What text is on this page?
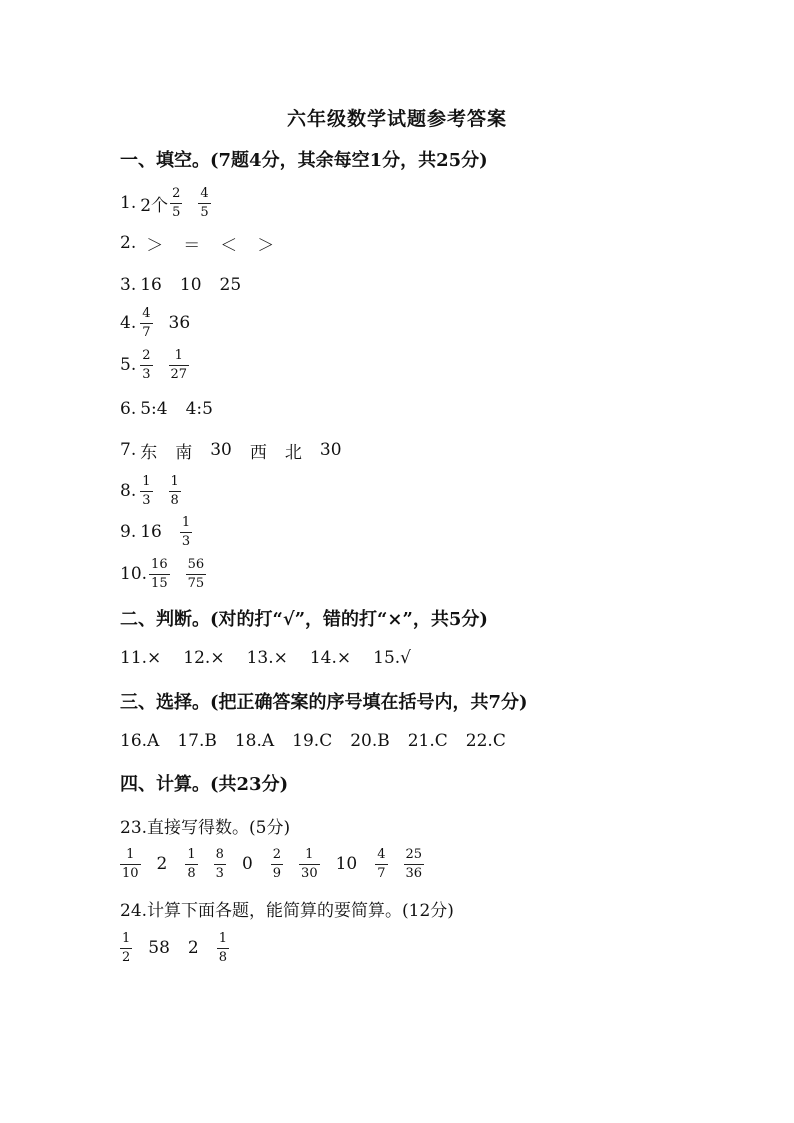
六年级数学试题参考答案
一、填空。(7题4分，其余每空1分，共25分)
1. 2个 $\frac{2}{5} \frac{4}{5}$
2. ＞ ＝ ＜ ＞
3. 16 10 25
4. $\frac{4}{7} 36$
5. $\frac{2}{3} \frac{1}{27}$
6. 5:4 4:5
7. 东 南 30 西 北 30
8. $\frac{1}{3} \frac{1}{8}$
9. $16 \frac{1}{3}$
10. $\frac{16}{15} \frac{56}{75}$
二、判断。(对的打“√”，错的打“×”，共5分)
11.× 12.× 13.× 14.× 15.√
三、选择。(把正确答案的序号填在括号内，共7分)
16.A 17.B 18.A 19.C 20.B 21.C 22.C
四、计算。(共23分)
23.直接写得数。(5分)
$\frac{1}{10} 2 \frac{1}{8} \frac{8}{3} 0 \frac{2}{9} \frac{1}{30} 10 \frac{4}{7} \frac{25}{36}$
24.计算下面各题，能简算的要简算。(12分)
$\frac{1}{2} 58$ $2 \frac{1}{8}$
